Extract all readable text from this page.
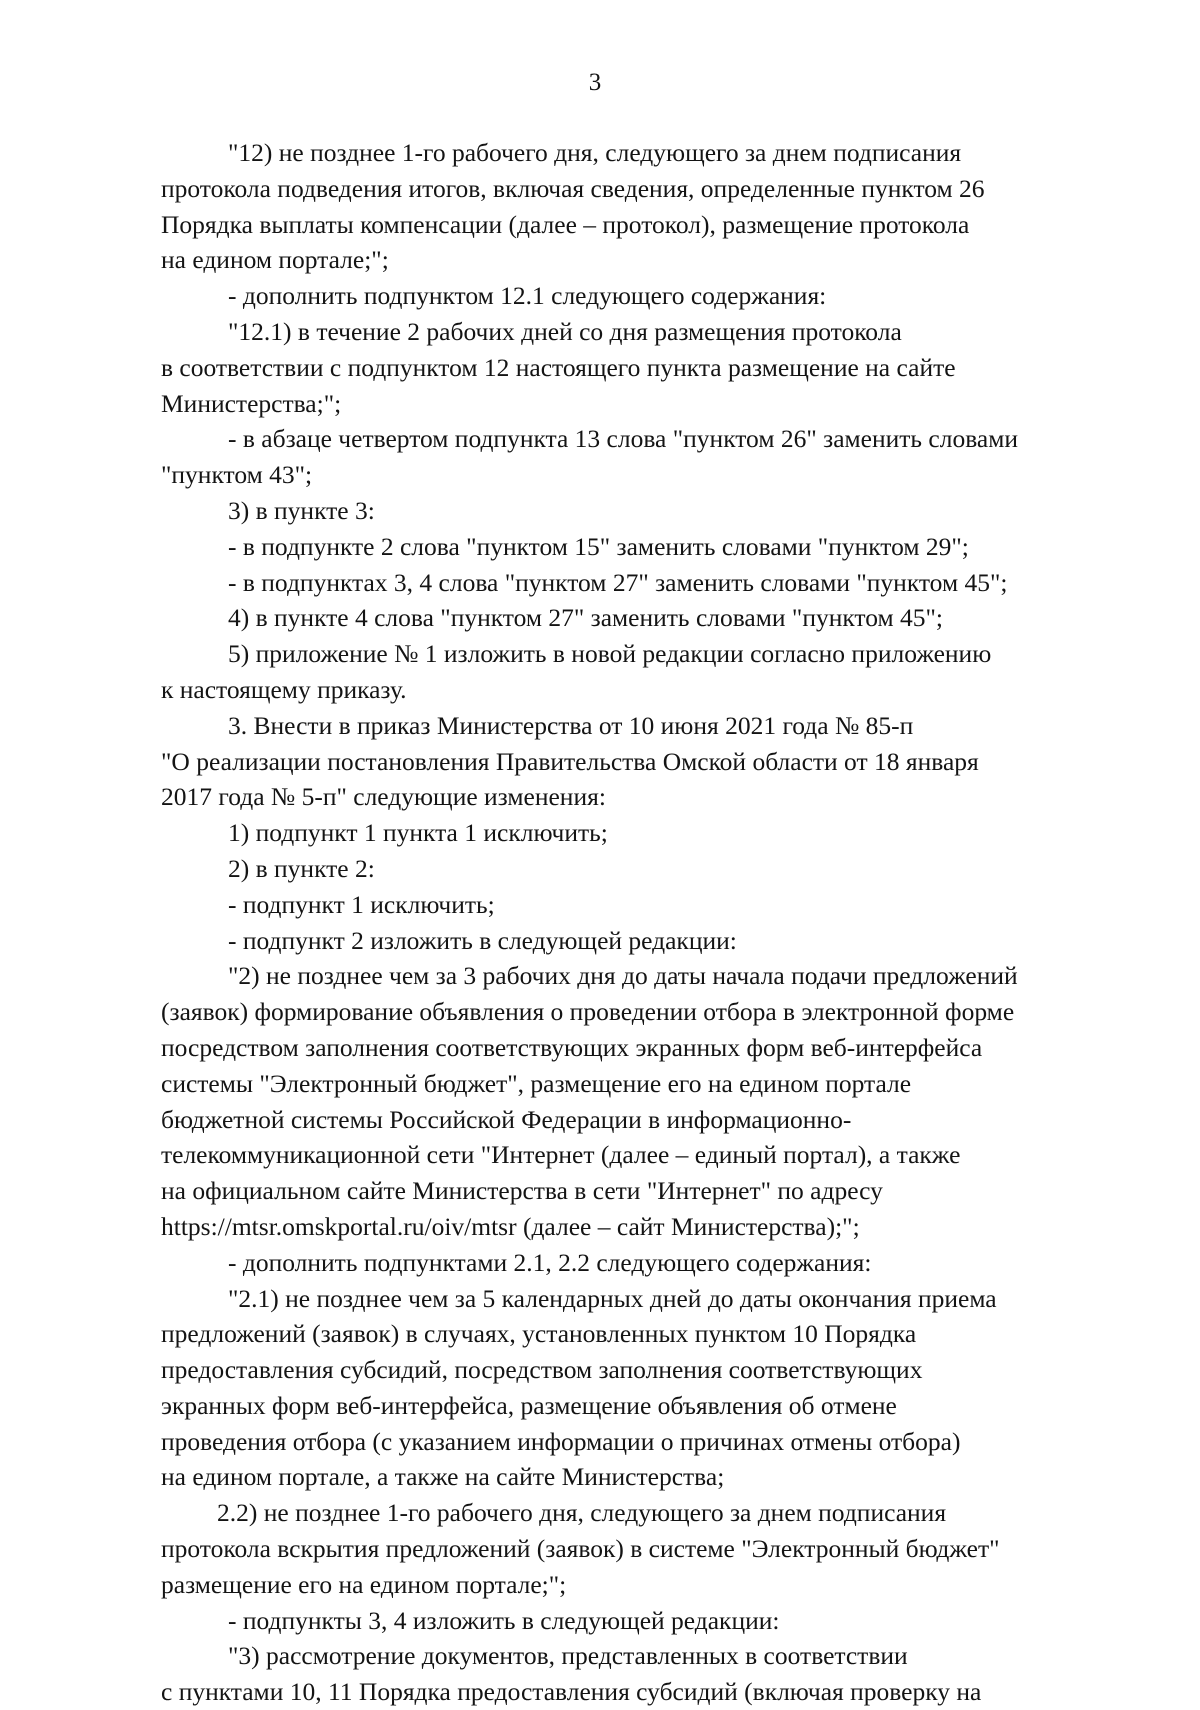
3

"12) не позднее 1-го рабочего дня, следующего за днем подписания
протокола подведения итогов, включая сведения, определенные пунктом 26
Порядка выплаты компенсации (далее – протокол), размещение протокола
на едином портале;";

- дополнить подпунктом 12.1 следующего содержания:

"12.1) в течение 2 рабочих дней со дня размещения протокола
в соответствии с подпунктом 12 настоящего пункта размещение на сайте
Министерства;";

- в абзаце четвертом подпункта 13 слова "пунктом 26" заменить словами
"пунктом 43";

3) в пункте 3:

- в подпункте 2 слова "пунктом 15" заменить словами "пунктом 29";

- в подпунктах 3, 4 слова "пунктом 27" заменить словами "пунктом 45";

4) в пункте 4 слова "пунктом 27" заменить словами "пунктом 45";

5) приложение № 1 изложить в новой редакции согласно приложению
к настоящему приказу.

3. Внести в приказ Министерства от 10 июня 2021 года № 85-п
"О реализации постановления Правительства Омской области от 18 января
2017 года № 5-п" следующие изменения:

1) подпункт 1 пункта 1 исключить;

2) в пункте 2:

- подпункт 1 исключить;

- подпункт 2 изложить в следующей редакции:

"2) не позднее чем за 3 рабочих дня до даты начала подачи предложений
(заявок) формирование объявления о проведении отбора в электронной форме
посредством заполнения соответствующих экранных форм веб-интерфейса
системы "Электронный бюджет", размещение его на едином портале
бюджетной системы Российской Федерации в информационно-
телекоммуникационной сети "Интернет (далее – единый портал), а также
на официальном сайте Министерства в сети "Интернет" по адресу
https://mtsr.omskportal.ru/oiv/mtsr (далее – сайт Министерства);";

- дополнить подпунктами 2.1, 2.2 следующего содержания:

"2.1) не позднее чем за 5 календарных дней до даты окончания приема
предложений (заявок) в случаях, установленных пунктом 10 Порядка
предоставления субсидий, посредством заполнения соответствующих
экранных форм веб-интерфейса, размещение объявления об отмене
проведения отбора (с указанием информации о причинах отмены отбора)
на едином портале, а также на сайте Министерства;

2.2) не позднее 1-го рабочего дня, следующего за днем подписания
протокола вскрытия предложений (заявок) в системе "Электронный бюджет"
размещение его на едином портале;";

- подпункты 3, 4 изложить в следующей редакции:

"3) рассмотрение документов, представленных в соответствии
с пунктами 10, 11 Порядка предоставления субсидий (включая проверку на
